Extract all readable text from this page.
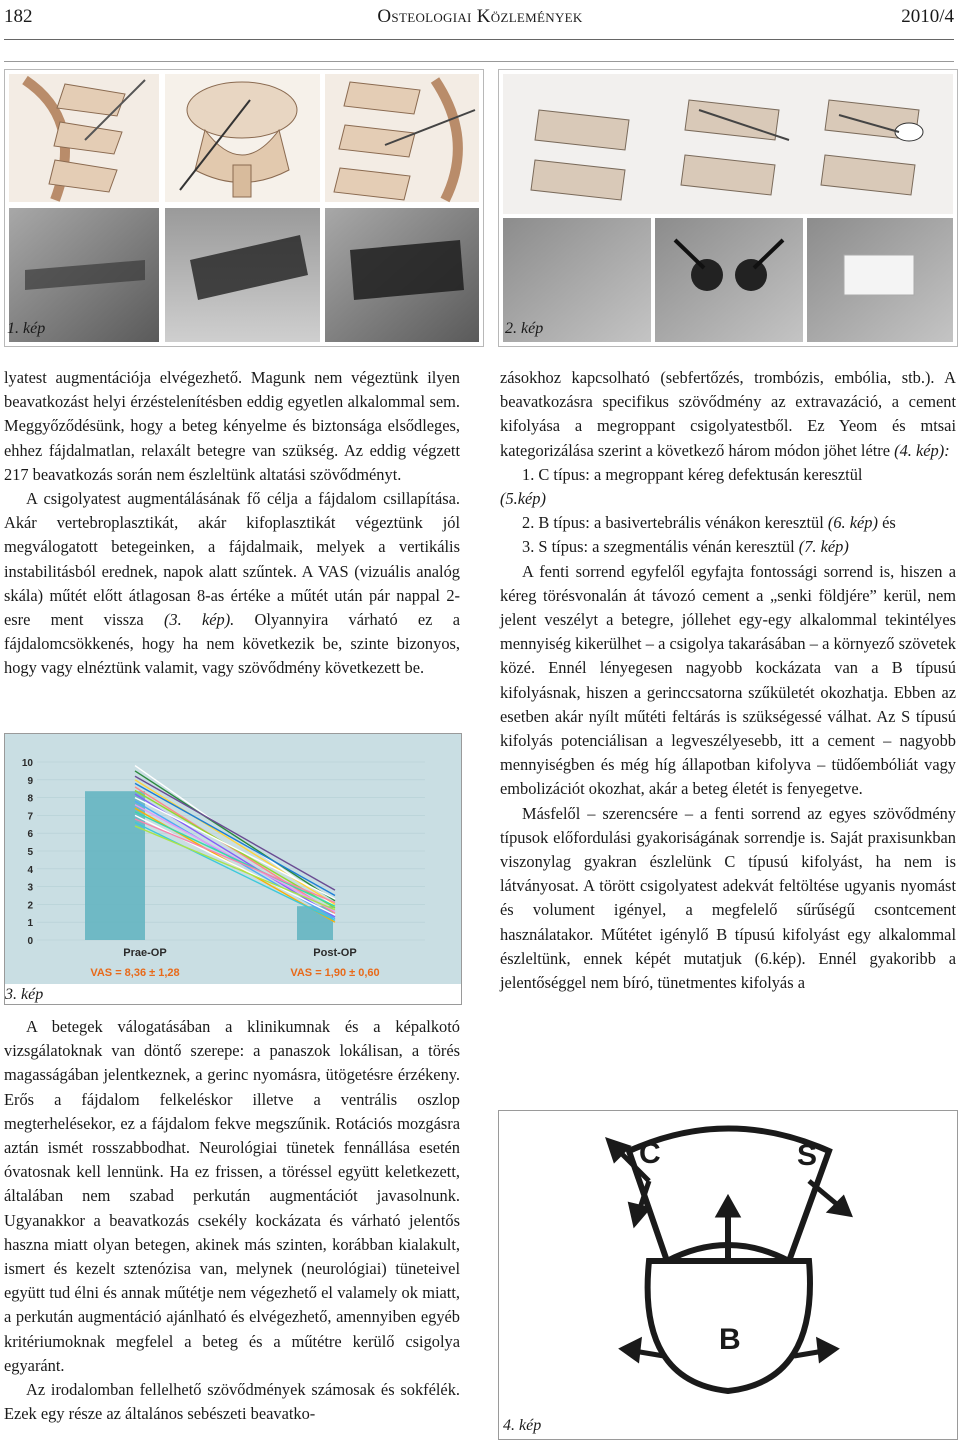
182	Osteologiai Közlemények	2010/4
1. kép	2. kép

lyatest augmentációja elvégezhető. Magunk nem végeztünk ilyen beavatkozást helyi érzéstelenítésben eddig egyetlen alkalommal sem. Meggyőződésünk, hogy a beteg kényelme és biztonsága elsődleges, ehhez fájdalmatlan, relaxált betegre van szükség. Az eddig végzett 217 beavatkozás során nem észleltünk altatási szövődményt.

A csigolyatest augmentálásának fő célja a fájdalom csillapítása. Akár vertebroplasztikát, akár kifoplasztikát végeztünk jól megválogatott betegeinken, a fájdalmaik, melyek a vertikális instabilitásból erednek, napok alatt szűntek. A VAS (vizuális analóg skála) műtét előtt átlagosan 8-as értéke a műtét után pár nappal 2-esre ment vissza (3. kép). Olyannyira várható ez a fájdalomcsökkenés, hogy ha nem következik be, szinte bizonyos, hogy vagy elnéztünk valamit, vagy szövődmény következett be.

0
1
2
3
4
5
6
7
8
9
10
Prae-OP	Post-OP
VAS = 8,36 ± 1,28	VAS = 1,90 ± 0,60
3. kép

A betegek válogatásában a klinikumnak és a képalkotó vizsgálatoknak van döntő szerepe: a panaszok lokálisan, a törés magasságában jelentkeznek, a gerinc nyomásra, ütögetésre érzékeny. Erős a fájdalom felkeléskor illetve a ventrális oszlop megterhelésekor, ez a fájdalom fekve megszűnik. Rotációs mozgásra aztán ismét rosszabbodhat. Neurológiai tünetek fennállása esetén óvatosnak kell lennünk. Ha ez frissen, a töréssel együtt keletkezett, általában nem szabad perkután augmentációt javasolnunk. Ugyanakkor a beavatkozás csekély kockázata és várható jelentős haszna miatt olyan betegen, akinek más szinten, korábban kialakult, ismert és kezelt sztenózisa van, melynek (neurológiai) tüneteivel együtt tud élni és annak műtétje nem végezhető el valamely ok miatt, a perkután augmentáció ajánlható és elvégezhető, amennyiben egyéb kritériumoknak megfelel a beteg és a műtétre kerülő csigolya egyaránt.

Az irodalomban fellelhető szövődmények számosak és sokfélék. Ezek egy része az általános sebészeti beavatko-

zásokhoz kapcsolható (sebfertőzés, trombózis, embólia, stb.). A beavatkozásra specifikus szövődmény az extravazáció, a cement kifolyása a megroppant csigolyatestből. Ez Yeom és mtsai kategorizálása szerint a következő három módon jöhet létre (4. kép):

1. C típus: a megroppant kéreg defektusán keresztül
(5.kép)

2. B típus: a basivertebrális vénákon keresztül (6. kép) és

3. S típus: a szegmentális vénán keresztül (7. kép)

A fenti sorrend egyfelől egyfajta fontossági sorrend is, hiszen a kéreg törésvonalán át távozó cement a „senki földjére” kerül, nem jelent veszélyt a betegre, jóllehet egy-egy alkalommal tekintélyes mennyiség kikerülhet – a csigolya takarásában – a környező szövetek közé. Ennél lényegesen nagyobb kockázata van a B típusú kifolyásnak, hiszen a gerinccsatorna szűkületét okozhatja. Ebben az esetben akár nyílt műtéti feltárás is szükségessé válhat. Az S típusú kifolyás potenciálisan a legveszélyesebb, itt a cement – nagyobb mennyiségben és még híg állapotban kifolyva – tüdőembóliát vagy embolizációt okozhat, akár a beteg életét is fenyegetve.

Másfelől – szerencsére – a fenti sorrend az egyes szövődmény típusok előfordulási gyakoriságának sorrendje is. Saját praxisunkban viszonylag gyakran észlelünk C típusú kifolyást, ha nem is látványosat. A törött csigolyatest adekvát feltöltése ugyanis nyomást és volument igényel, a megfelelő sűrűségű csontcement használatakor. Műtétet igénylő B típusú kifolyást egy alkalommal észleltünk, ennek képét mutatjuk (6.kép). Ennél gyakoribb a jelentőséggel nem bíró, tünetmentes kifolyás a

C	S
B
4. kép
